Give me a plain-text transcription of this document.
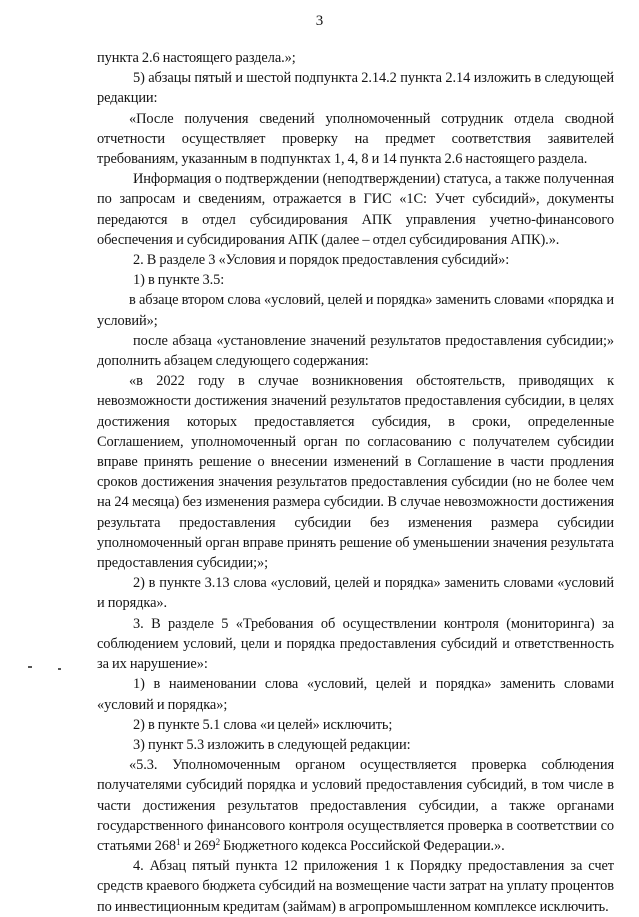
3

пункта 2.6 настоящего раздела.»;

5) абзацы пятый и шестой подпункта 2.14.2 пункта 2.14 изложить в следующей редакции:

«После получения сведений уполномоченный сотрудник отдела сводной отчетности осуществляет проверку на предмет соответствия заявителей требованиям, указанным в подпунктах 1, 4, 8 и 14 пункта 2.6 настоящего раздела.

Информация о подтверждении (неподтверждении) статуса, а также полученная по запросам и сведениям, отражается в ГИС «1С: Учет субсидий», документы передаются в отдел субсидирования АПК управления учетно-финансового обеспечения и субсидирования АПК (далее – отдел субсидирования АПК).».

2. В разделе 3 «Условия и порядок предоставления субсидий»:

1) в пункте 3.5:

в абзаце втором слова «условий, целей и порядка» заменить словами «порядка и условий»;

после абзаца «установление значений результатов предоставления субсидии;» дополнить абзацем следующего содержания:

«в 2022 году в случае возникновения обстоятельств, приводящих к невозможности достижения значений результатов предоставления субсидии, в целях достижения которых предоставляется субсидия, в сроки, определенные Соглашением, уполномоченный орган по согласованию с получателем субсидии вправе принять решение о внесении изменений в Соглашение в части продления сроков достижения значения результатов предоставления субсидии (но не более чем на 24 месяца) без изменения размера субсидии. В случае невозможности достижения результата предоставления субсидии без изменения размера субсидии уполномоченный орган вправе принять решение об уменьшении значения результата предоставления субсидии;»;

2) в пункте 3.13 слова «условий, целей и порядка» заменить словами «условий и порядка».

3. В разделе 5 «Требования об осуществлении контроля (мониторинга) за соблюдением условий, цели и порядка предоставления субсидий и ответственность за их нарушение»:

1) в наименовании слова «условий, целей и порядка» заменить словами «условий и порядка»;

2) в пункте 5.1 слова «и целей» исключить;

3) пункт 5.3 изложить в следующей редакции:

«5.3. Уполномоченным органом осуществляется проверка соблюдения получателями субсидий порядка и условий предоставления субсидий, в том числе в части достижения результатов предоставления субсидии, а также органами государственного финансового контроля осуществляется проверка в соответствии со статьями $268^1$ и $269^2$ Бюджетного кодекса Российской Федерации.».

4. Абзац пятый пункта 12 приложения 1 к Порядку предоставления за счет средств краевого бюджета субсидий на возмещение части затрат на уплату процентов по инвестиционным кредитам (займам) в агропромышленном комплексе исключить.
